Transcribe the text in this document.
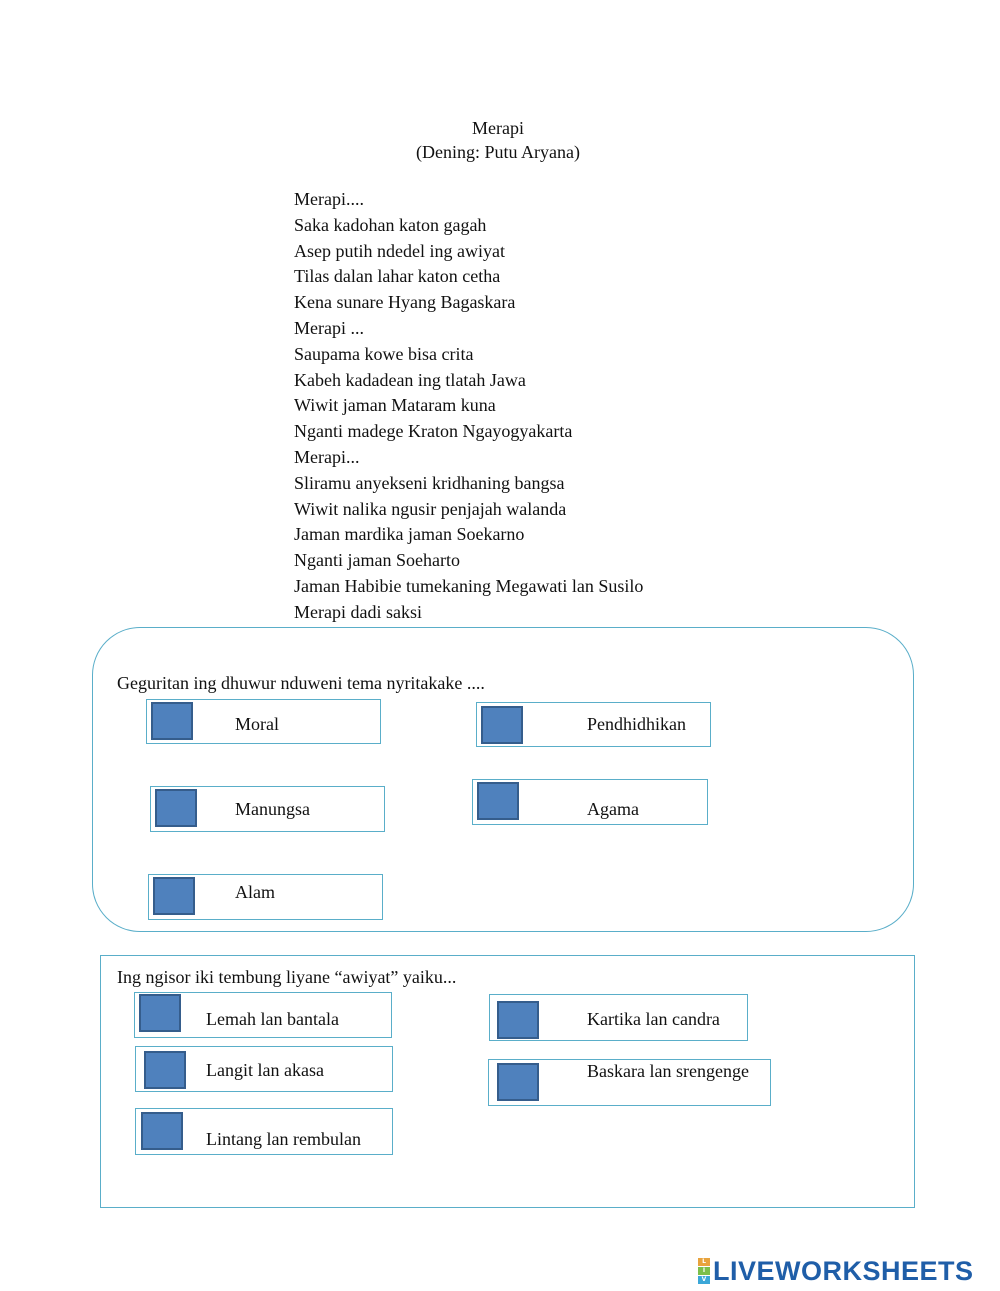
Merapi
(Dening: Putu Aryana)
Merapi....
Saka kadohan katon gagah
Asep putih ndedel ing awiyat
Tilas dalan lahar katon cetha
Kena sunare Hyang Bagaskara
Merapi ...
Saupama kowe bisa crita
Kabeh kadadean ing tlatah Jawa
Wiwit jaman Mataram kuna
Nganti madege Kraton Ngayogyakarta
Merapi...
Sliramu anyekseni kridhaning bangsa
Wiwit nalika ngusir penjajah walanda
Jaman mardika jaman Soekarno
Nganti jaman Soeharto
Jaman Habibie tumekaning Megawati lan Susilo
Merapi dadi saksi
Geguritan ing dhuwur nduweni tema nyritakake ....
Moral	Pendhidhikan
Manungsa	Agama
Alam
Ing ngisor iki tembung liyane “awiyat” yaiku...
Lemah lan bantala	Kartika lan candra
Langit lan akasa	Baskara lan srengenge
Lintang lan rembulan
L
I
V LIVEWORKSHEETS
